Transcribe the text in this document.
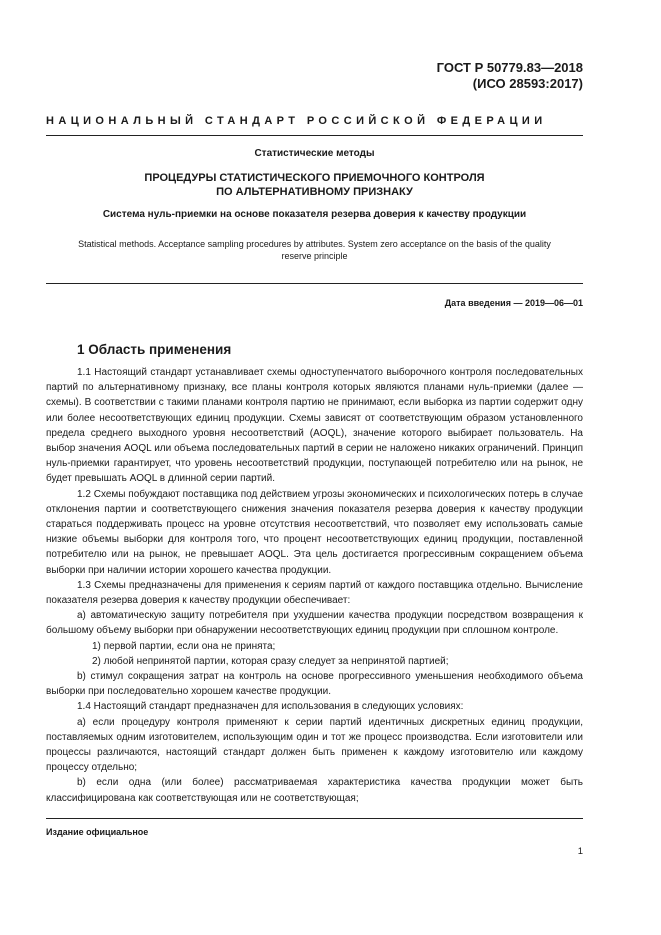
ГОСТ Р 50779.83—2018
(ИСО 28593:2017)
НАЦИОНАЛЬНЫЙ СТАНДАРТ РОССИЙСКОЙ ФЕДЕРАЦИИ
Статистические методы
ПРОЦЕДУРЫ СТАТИСТИЧЕСКОГО ПРИЕМОЧНОГО КОНТРОЛЯ
ПО АЛЬТЕРНАТИВНОМУ ПРИЗНАКУ
Система нуль-приемки на основе показателя резерва доверия к качеству продукции
Statistical methods. Acceptance sampling procedures by attributes. System zero acceptance on the basis of the quality
reserve principle
Дата введения — 2019—06—01
1 Область применения

1.1 Настоящий стандарт устанавливает схемы одноступенчатого выборочного контроля последовательных партий по альтернативному признаку, все планы контроля которых являются планами нуль-приемки (далее — схемы). В соответствии с такими планами контроля партию не принимают, если выборка из партии содержит одну или более несоответствующих единиц продукции. Схемы зависят от соответствующим образом установленного предела среднего выходного уровня несоответствий (AOQL), значение которого выбирает пользователь. На выбор значения AOQL или объема последовательных партий в серии не наложено никаких ограничений. Принцип нуль-приемки гарантирует, что уровень несоответствий продукции, поступающей потребителю или на рынок, не будет превышать AOQL в длинной серии партий.

1.2 Схемы побуждают поставщика под действием угрозы экономических и психологических потерь в случае отклонения партии и соответствующего снижения значения показателя резерва доверия к качеству продукции стараться поддерживать процесс на уровне отсутствия несоответствий, что позволяет ему использовать самые низкие объемы выборки для контроля того, что процент несоответствующих единиц продукции, поставленной потребителю или на рынок, не превышает AOQL. Эта цель достигается прогрессивным сокращением объема выборки при наличии истории хорошего качества продукции.

1.3 Схемы предназначены для применения к сериям партий от каждого поставщика отдельно. Вычисление показателя резерва доверия к качеству продукции обеспечивает:

a) автоматическую защиту потребителя при ухудшении качества продукции посредством возвращения к большому объему выборки при обнаружении несоответствующих единиц продукции при сплошном контроле.

1) первой партии, если она не принята;

2) любой непринятой партии, которая сразу следует за непринятой партией;

b) стимул сокращения затрат на контроль на основе прогрессивного уменьшения необходимого объема выборки при последовательно хорошем качестве продукции.

1.4 Настоящий стандарт предназначен для использования в следующих условиях:

a) если процедуру контроля применяют к серии партий идентичных дискретных единиц продукции, поставляемых одним изготовителем, использующим один и тот же процесс производства. Если изготовители или процессы различаются, настоящий стандарт должен быть применен к каждому изготовителю или каждому процессу отдельно;

b) если одна (или более) рассматриваемая характеристика качества продукции может быть классифицирована как соответствующая или не соответствующая;

Издание официальное
1
